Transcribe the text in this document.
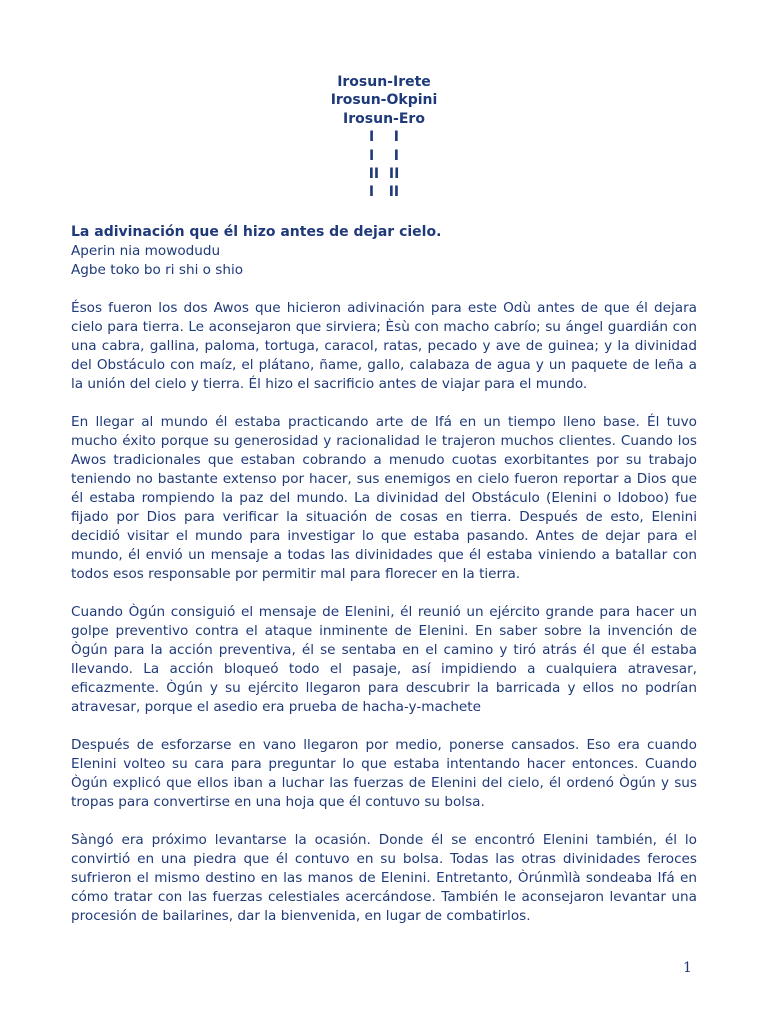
Irosun-Irete
Irosun-Okpini
Irosun-Ero
I    I
I    I
II  II
I   II
La adivinación que él hizo antes de dejar cielo.
Aperin nia mowodudu
Agbe toko bo ri shi o shio

Ésos fueron los dos Awos que hicieron adivinación para este Odù antes de que él dejara cielo para tierra. Le aconsejaron que sirviera; Èsù con macho cabrío; su ángel guardián con una cabra, gallina, paloma, tortuga, caracol, ratas, pecado y ave de guinea; y la divinidad del Obstáculo con maíz, el plátano, ñame, gallo, calabaza de agua y un paquete de leña a la unión del cielo y tierra. Él hizo el sacrificio antes de viajar para el mundo.

En llegar al mundo él estaba practicando arte de Ifá en un tiempo lleno base. Él tuvo mucho éxito porque su generosidad y racionalidad le trajeron muchos clientes. Cuando los Awos tradicionales que estaban cobrando a menudo cuotas exorbitantes por su trabajo teniendo no bastante extenso por hacer, sus enemigos en cielo fueron reportar a Dios que él estaba rompiendo la paz del mundo. La divinidad del Obstáculo (Elenini o Idoboo) fue fijado por Dios para verificar la situación de cosas en tierra. Después de esto, Elenini decidió visitar el mundo para investigar lo que estaba pasando. Antes de dejar para el mundo, él envió un mensaje a todas las divinidades que él estaba viniendo a batallar con todos esos responsable por permitir mal para florecer en la tierra.

Cuando Ògún consiguió el mensaje de Elenini, él reunió un ejército grande para hacer un golpe preventivo contra el ataque inminente de Elenini. En saber sobre la invención de Ògún para la acción preventiva, él se sentaba en el camino y tiró atrás él que él estaba llevando. La acción bloqueó todo el pasaje, así impidiendo a cualquiera atravesar, eficazmente. Ògún y su ejército llegaron para descubrir la barricada y ellos no podrían atravesar, porque el asedio era prueba de hacha-y-machete

Después de esforzarse en vano llegaron por medio, ponerse cansados. Eso era cuando Elenini volteo su cara para preguntar lo que estaba intentando hacer entonces. Cuando Ògún explicó que ellos iban a luchar las fuerzas de Elenini del cielo, él ordenó Ògún y sus tropas para convertirse en una hoja que él contuvo su bolsa.

Sàngó era próximo levantarse la ocasión. Donde él se encontró Elenini también, él lo convirtió en una piedra que él contuvo en su bolsa. Todas las otras divinidades feroces sufrieron el mismo destino en las manos de Elenini. Entretanto, Òrúnmìlà sondeaba Ifá en cómo tratar con las fuerzas celestiales acercándose. También le aconsejaron levantar una procesión de bailarines, dar la bienvenida, en lugar de combatirlos.

1
